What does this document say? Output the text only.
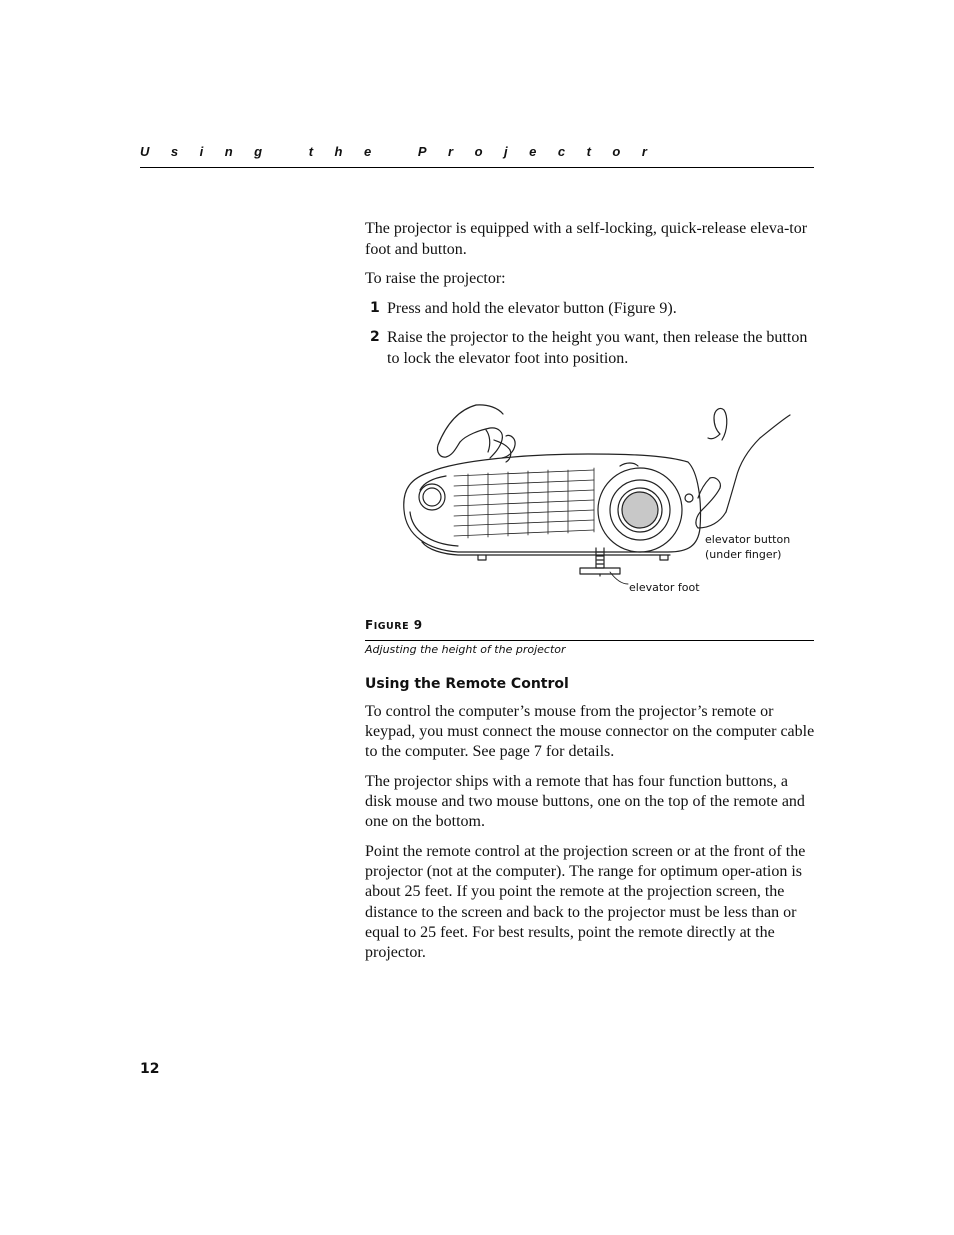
Using the Projector

The projector is equipped with a self-locking, quick-release eleva-tor foot and button.

To raise the projector:

1 Press and hold the elevator button (Figure 9).
2 Raise the projector to the height you want, then release the button to lock the elevator foot into position.
elevator button
(under finger)
elevator foot
FIGURE 9
Adjusting the height of the projector
Using the Remote Control

To control the computer’s mouse from the projector’s remote or keypad, you must connect the mouse connector on the computer cable to the computer. See page 7 for details.

The projector ships with a remote that has four function buttons, a disk mouse and two mouse buttons, one on the top of the remote and one on the bottom.

Point the remote control at the projection screen or at the front of the projector (not at the computer). The range for optimum oper-ation is about 25 feet. If you point the remote at the projection screen, the distance to the screen and back to the projector must be less than or equal to 25 feet. For best results, point the remote directly at the projector.

12
